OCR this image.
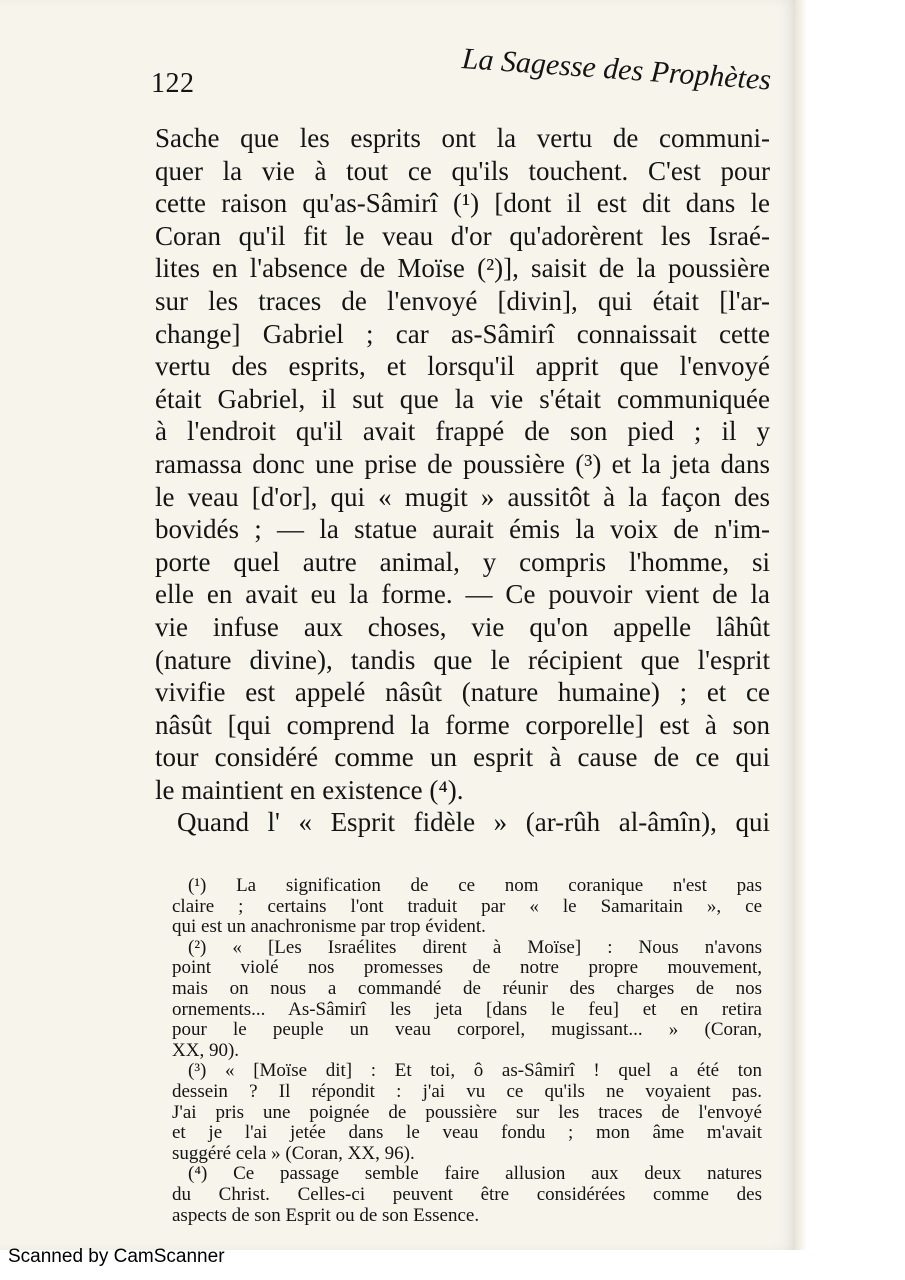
122	La Sagesse des Prophètes
Sache que les esprits ont la vertu de communi-
quer la vie à tout ce qu'ils touchent. C'est pour
cette raison qu'as-Sâmirî (¹) [dont il est dit dans le
Coran qu'il fit le veau d'or qu'adorèrent les Israé-
lites en l'absence de Moïse (²)], saisit de la poussière
sur les traces de l'envoyé [divin], qui était [l'ar-
change] Gabriel ; car as-Sâmirî connaissait cette
vertu des esprits, et lorsqu'il apprit que l'envoyé
était Gabriel, il sut que la vie s'était communiquée
à l'endroit qu'il avait frappé de son pied ; il y
ramassa donc une prise de poussière (³) et la jeta dans
le veau [d'or], qui « mugit » aussitôt à la façon des
bovidés ; — la statue aurait émis la voix de n'im-
porte quel autre animal, y compris l'homme, si
elle en avait eu la forme. — Ce pouvoir vient de la
vie infuse aux choses, vie qu'on appelle lâhût
(nature divine), tandis que le récipient que l'esprit
vivifie est appelé nâsût (nature humaine) ; et ce
nâsût [qui comprend la forme corporelle] est à son
tour considéré comme un esprit à cause de ce qui
le maintient en existence (⁴).
Quand l' « Esprit fidèle » (ar-rûh al-âmîn), qui
(¹) La signification de ce nom coranique n'est pas
claire ; certains l'ont traduit par « le Samaritain », ce
qui est un anachronisme par trop évident.
(²) « [Les Israélites dirent à Moïse] : Nous n'avons
point violé nos promesses de notre propre mouvement,
mais on nous a commandé de réunir des charges de nos
ornements... As-Sâmirî les jeta [dans le feu] et en retira
pour le peuple un veau corporel, mugissant... » (Coran,
XX, 90).
(³) « [Moïse dit] : Et toi, ô as-Sâmirî ! quel a été ton
dessein ? Il répondit : j'ai vu ce qu'ils ne voyaient pas.
J'ai pris une poignée de poussière sur les traces de l'envoyé
et je l'ai jetée dans le veau fondu ; mon âme m'avait
suggéré cela » (Coran, XX, 96).
(⁴) Ce passage semble faire allusion aux deux natures
du Christ. Celles-ci peuvent être considérées comme des
aspects de son Esprit ou de son Essence.
Scanned by CamScanner
